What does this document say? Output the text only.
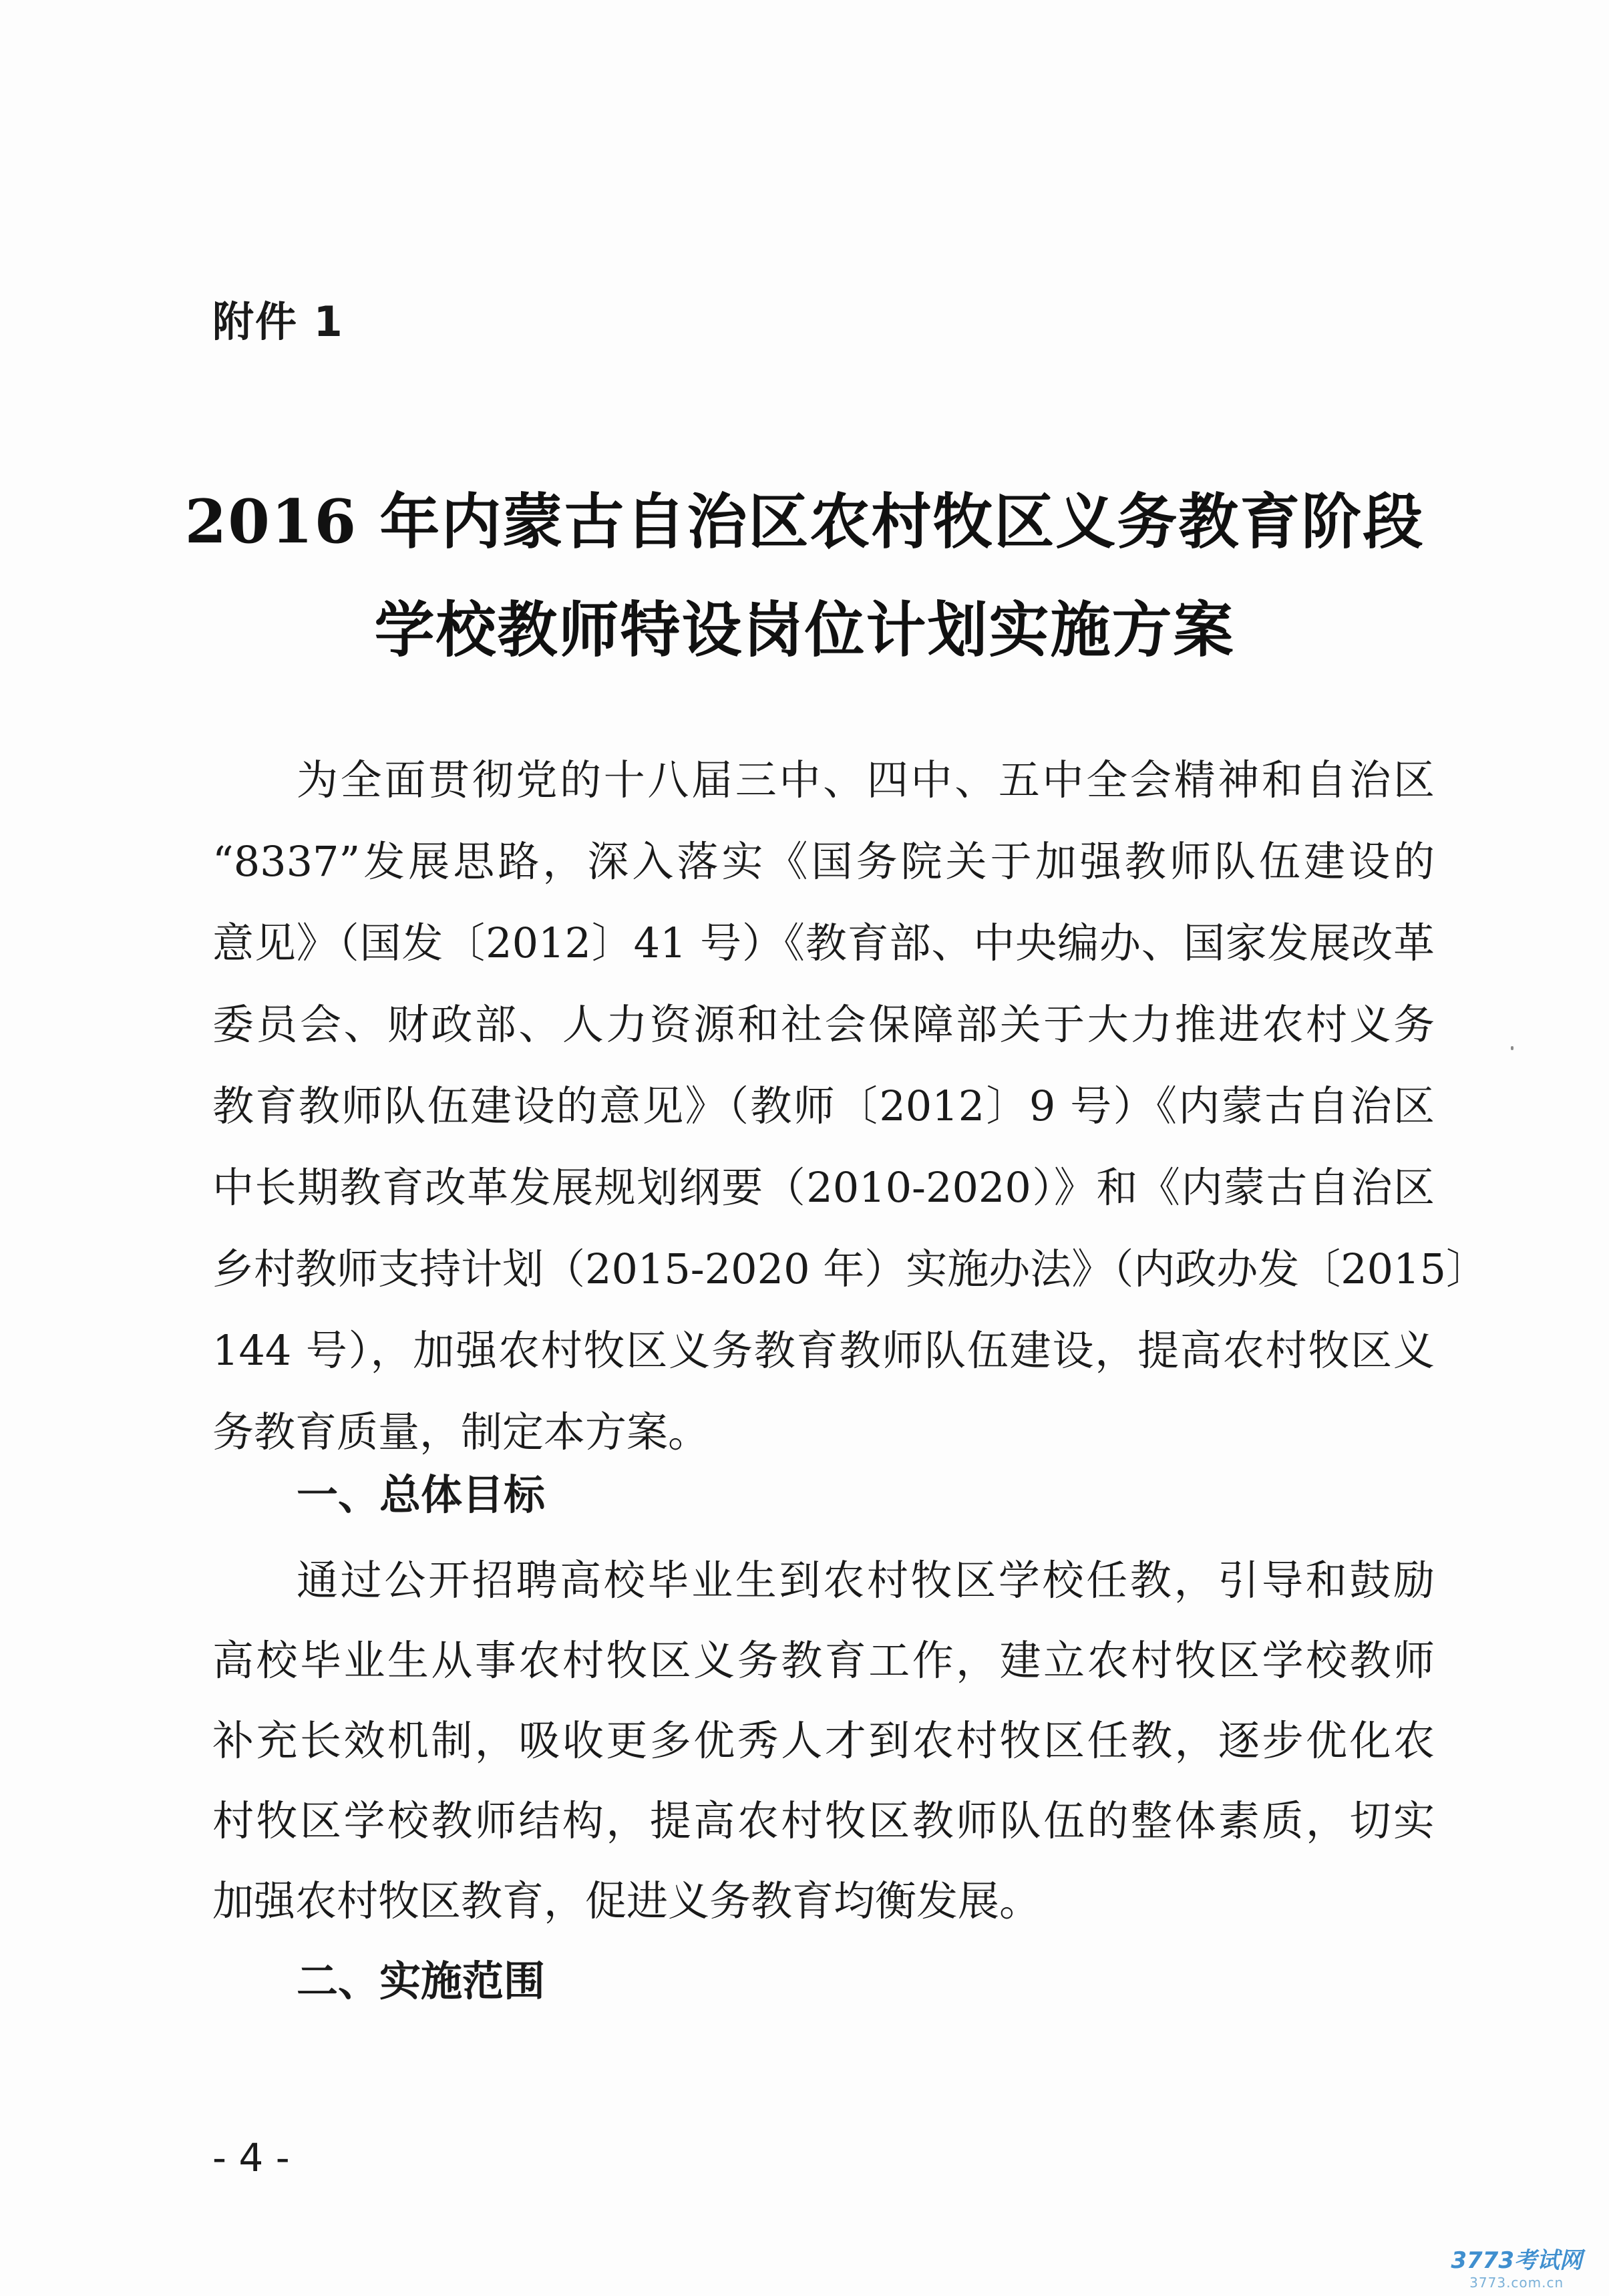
附件 1
2016 年内蒙古自治区农村牧区义务教育阶段
学校教师特设岗位计划实施方案
为全面贯彻党的十八届三中、四中、五中全会精神和自治区
“8337”发展思路，深入落实《国务院关于加强教师队伍建设的
意见》（国发〔2012〕41 号）《教育部、中央编办、国家发展改革
委员会、财政部、人力资源和社会保障部关于大力推进农村义务
教育教师队伍建设的意见》（教师〔2012〕9 号）《内蒙古自治区
中长期教育改革发展规划纲要（2010-2020）》和《内蒙古自治区
乡村教师支持计划（2015-2020 年）实施办法》（内政办发〔2015〕
144 号），加强农村牧区义务教育教师队伍建设，提高农村牧区义
务教育质量，制定本方案。
一、总体目标
通过公开招聘高校毕业生到农村牧区学校任教，引导和鼓励
高校毕业生从事农村牧区义务教育工作，建立农村牧区学校教师
补充长效机制，吸收更多优秀人才到农村牧区任教，逐步优化农
村牧区学校教师结构，提高农村牧区教师队伍的整体素质，切实
加强农村牧区教育，促进义务教育均衡发展。
二、实施范围
- 4 -
3773考试网
3773.com.cn
